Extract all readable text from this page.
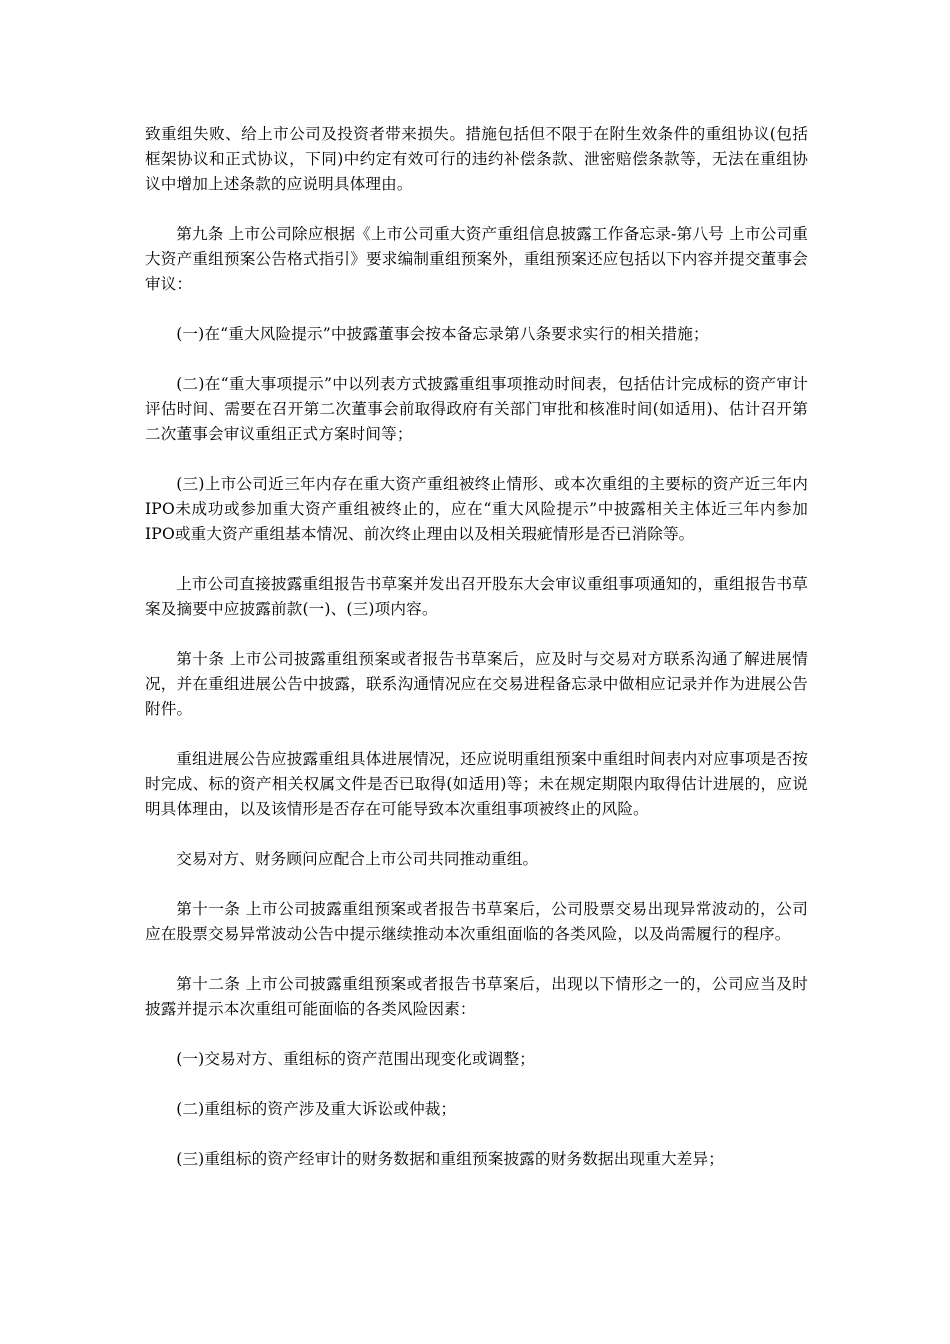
致重组失败、给上市公司及投资者带来损失。措施包括但不限于在附生效条件的重组协议(包括框架协议和正式协议，下同)中约定有效可行的违约补偿条款、泄密赔偿条款等，无法在重组协议中增加上述条款的应说明具体理由。

第九条 上市公司除应根据《上市公司重大资产重组信息披露工作备忘录-第八号 上市公司重大资产重组预案公告格式指引》要求编制重组预案外，重组预案还应包括以下内容并提交董事会审议：

(一)在“重大风险提示”中披露董事会按本备忘录第八条要求实行的相关措施；

(二)在“重大事项提示”中以列表方式披露重组事项推动时间表，包括估计完成标的资产审计评估时间、需要在召开第二次董事会前取得政府有关部门审批和核准时间(如适用)、估计召开第二次董事会审议重组正式方案时间等；

(三)上市公司近三年内存在重大资产重组被终止情形、或本次重组的主要标的资产近三年内IPO未成功或参加重大资产重组被终止的，应在“重大风险提示”中披露相关主体近三年内参加IPO或重大资产重组基本情况、前次终止理由以及相关瑕疵情形是否已消除等。

上市公司直接披露重组报告书草案并发出召开股东大会审议重组事项通知的，重组报告书草案及摘要中应披露前款(一)、(三)项内容。

第十条 上市公司披露重组预案或者报告书草案后，应及时与交易对方联系沟通了解进展情况，并在重组进展公告中披露，联系沟通情况应在交易进程备忘录中做相应记录并作为进展公告附件。

重组进展公告应披露重组具体进展情况，还应说明重组预案中重组时间表内对应事项是否按时完成、标的资产相关权属文件是否已取得(如适用)等；未在规定期限内取得估计进展的，应说明具体理由，以及该情形是否存在可能导致本次重组事项被终止的风险。

交易对方、财务顾问应配合上市公司共同推动重组。

第十一条 上市公司披露重组预案或者报告书草案后，公司股票交易出现异常波动的，公司应在股票交易异常波动公告中提示继续推动本次重组面临的各类风险，以及尚需履行的程序。

第十二条 上市公司披露重组预案或者报告书草案后，出现以下情形之一的，公司应当及时披露并提示本次重组可能面临的各类风险因素：

(一)交易对方、重组标的资产范围出现变化或调整；

(二)重组标的资产涉及重大诉讼或仲裁；

(三)重组标的资产经审计的财务数据和重组预案披露的财务数据出现重大差异；
